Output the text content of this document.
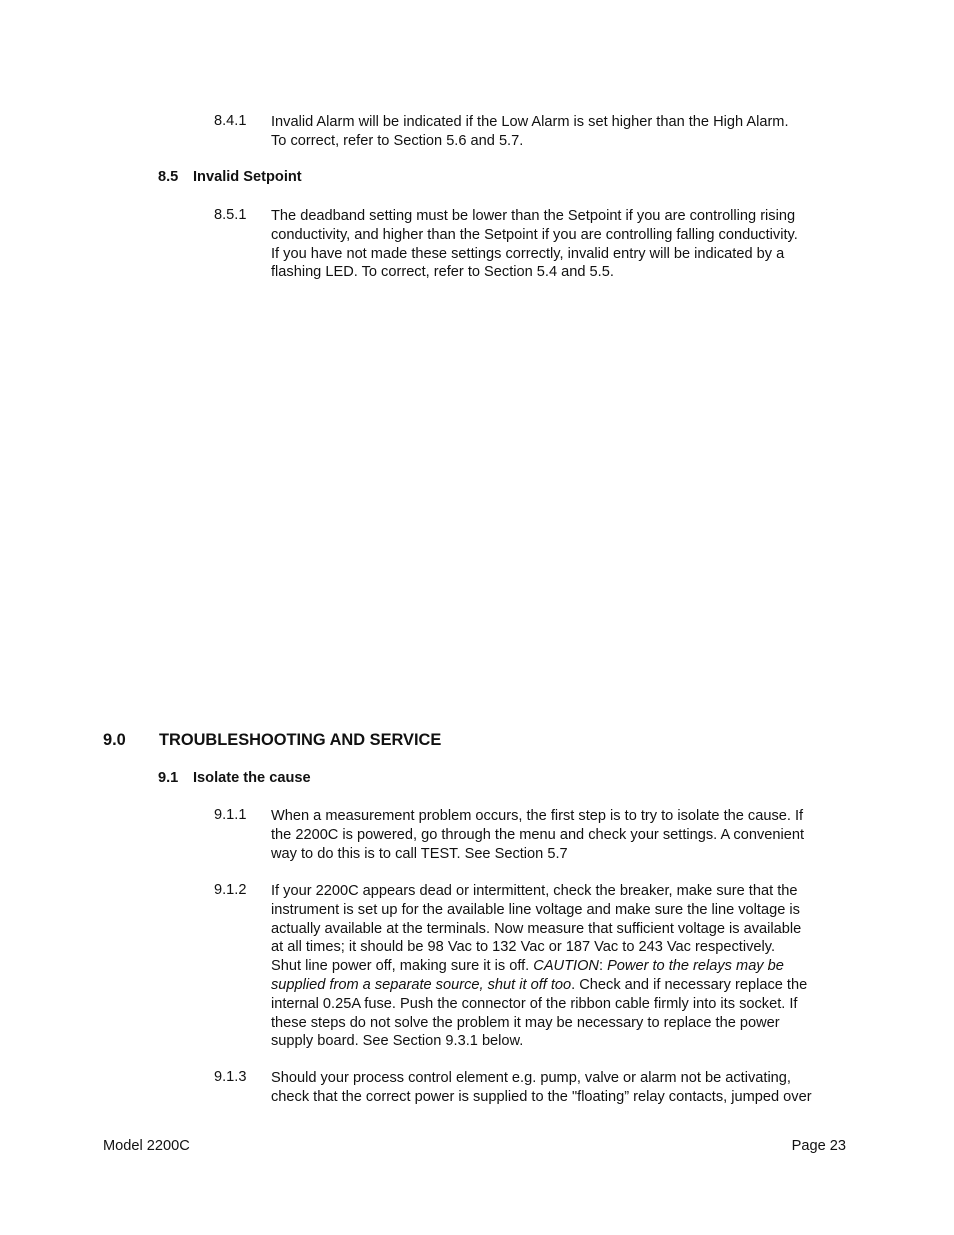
8.4.1	Invalid Alarm will be indicated if the Low Alarm is set higher than the High Alarm.
To correct, refer to Section 5.6 and 5.7.
8.5 Invalid Setpoint
8.5.1	The deadband setting must be lower than the Setpoint if you are controlling rising
conductivity, and higher than the Setpoint if you are controlling falling conductivity.
If you have not made these settings correctly, invalid entry will be indicated by a
flashing LED. To correct, refer to Section 5.4 and 5.5.
9.0 TROUBLESHOOTING AND SERVICE
9.1 Isolate the cause
9.1.1	When a measurement problem occurs, the first step is to try to isolate the cause. If
the 2200C is powered, go through the menu and check your settings. A convenient
way to do this is to call TEST. See Section 5.7
9.1.2	If your 2200C appears dead or intermittent, check the breaker, make sure that the
instrument is set up for the available line voltage and make sure the line voltage is
actually available at the terminals. Now measure that sufficient voltage is available
at all times; it should be 98 Vac to 132 Vac or 187 Vac to 243 Vac respectively.
Shut line power off, making sure it is off. CAUTION: Power to the relays may be
supplied from a separate source, shut it off too. Check and if necessary replace the
internal 0.25A fuse. Push the connector of the ribbon cable firmly into its socket. If
these steps do not solve the problem it may be necessary to replace the power
supply board. See Section 9.3.1 below.
9.1.3	Should your process control element e.g. pump, valve or alarm not be activating,
check that the correct power is supplied to the "floating” relay contacts, jumped over
Model 2200C	Page 23
